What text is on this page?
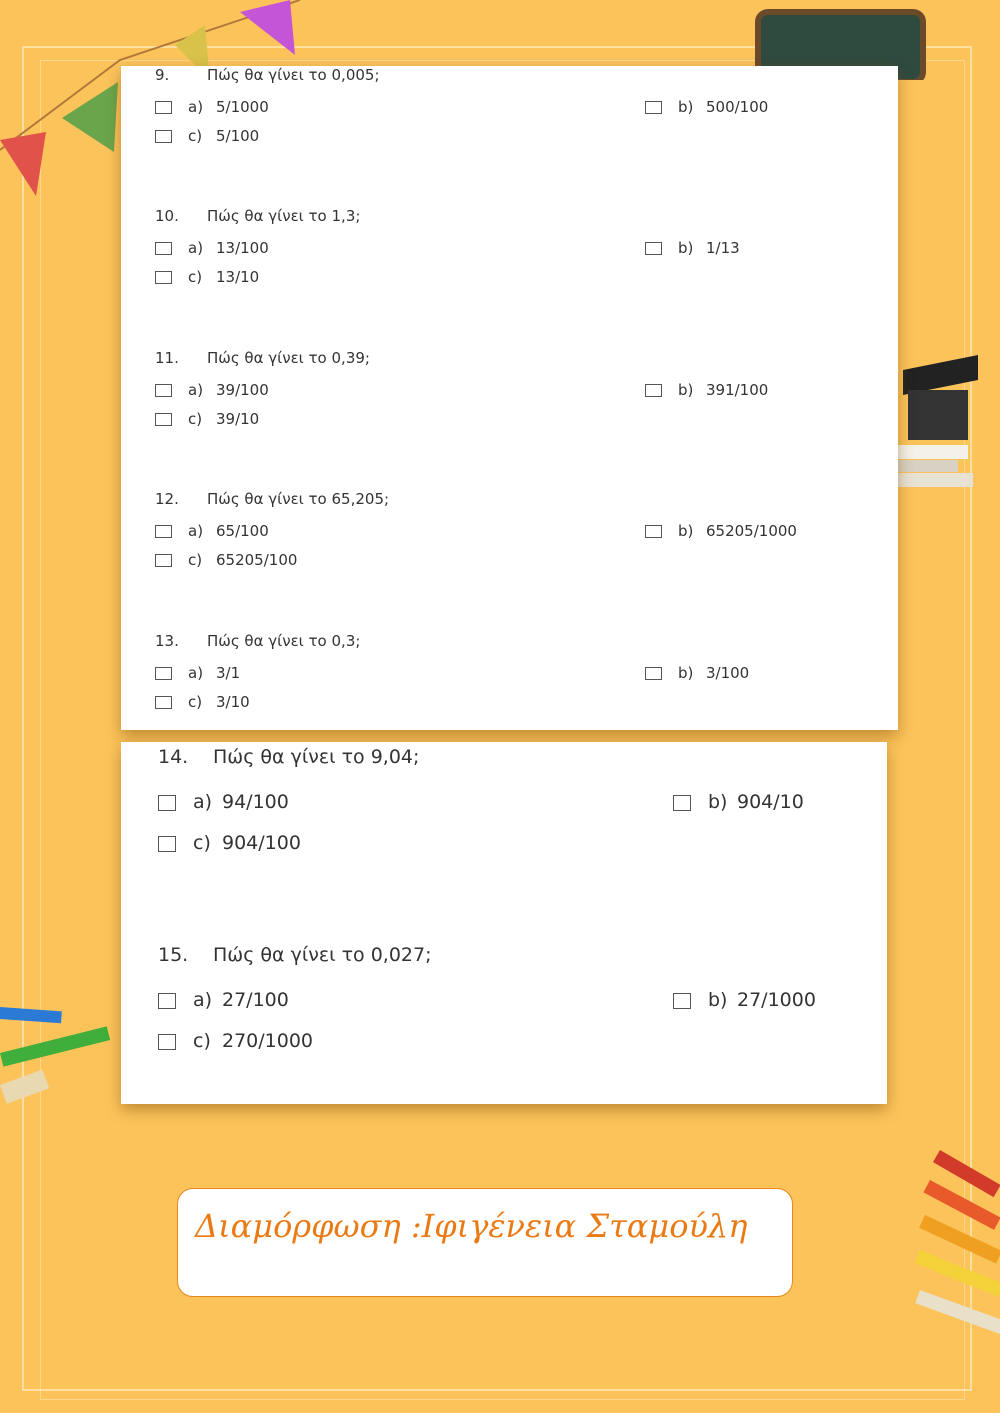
9.	Πώς θα γίνει το 0,005;
a) 5/1000	b) 500/100
c) 5/100
10. Πώς θα γίνει το 1,3;
a) 13/100	b) 1/13
c) 13/10
11. Πώς θα γίνει το 0,39;
a) 39/100	b) 391/100
c) 39/10
12. Πώς θα γίνει το 65,205;
a) 65/100	b) 65205/1000
c) 65205/100
13. Πώς θα γίνει το 0,3;
a) 3/1	b) 3/100
c) 3/10
14. Πώς θα γίνει το 9,04;
a) 94/100	b) 904/10
c) 904/100
15. Πώς θα γίνει το 0,027;
a) 27/100	b) 27/1000
c) 270/1000
Διαμόρφωση :Ιφιγένεια Σταμούλη
